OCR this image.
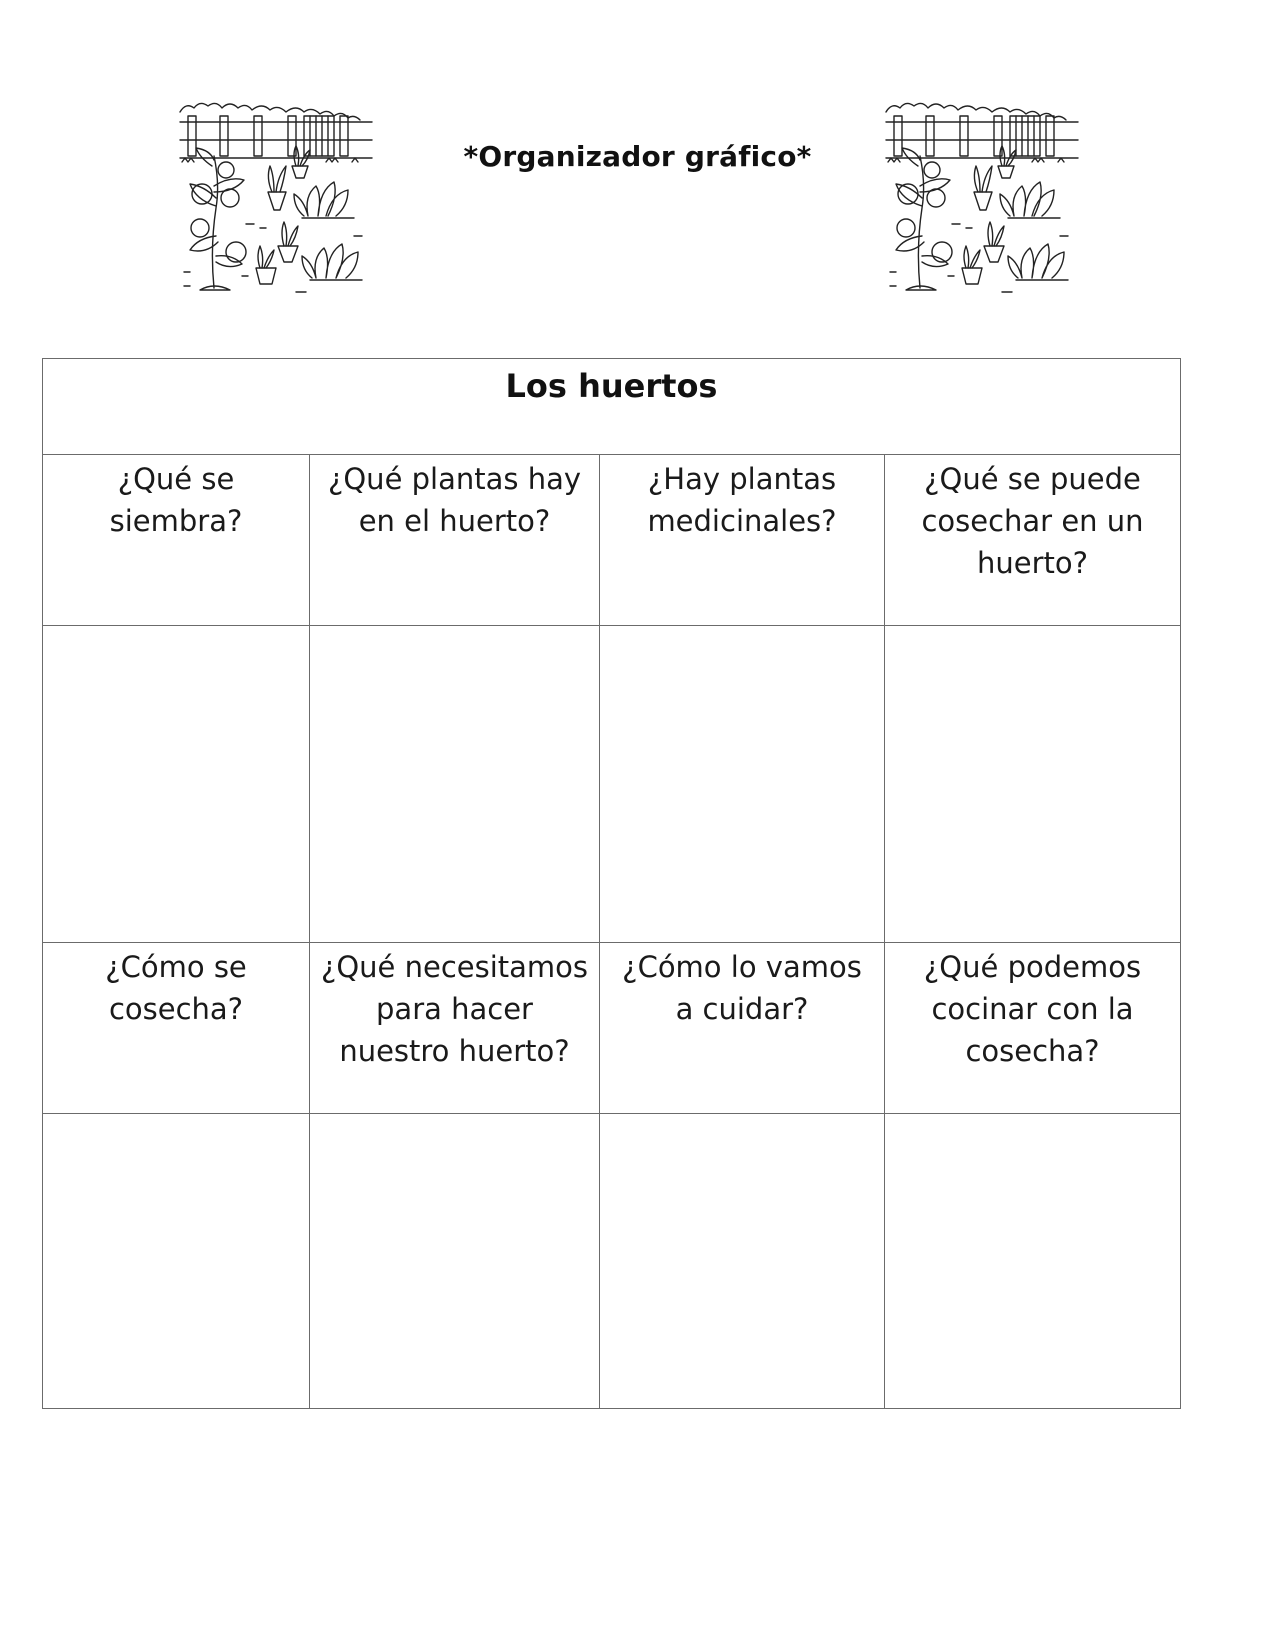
*Organizador gráfico*
Los huertos			

¿Qué se siembra?	¿Qué plantas hay en el huerto?	¿Hay plantas medicinales?	¿Qué se puede cosechar en un huerto?

¿Cómo se cosecha?	¿Qué necesitamos para hacer nuestro huerto?	¿Cómo lo vamos a cuidar?	¿Qué podemos cocinar con la cosecha?
